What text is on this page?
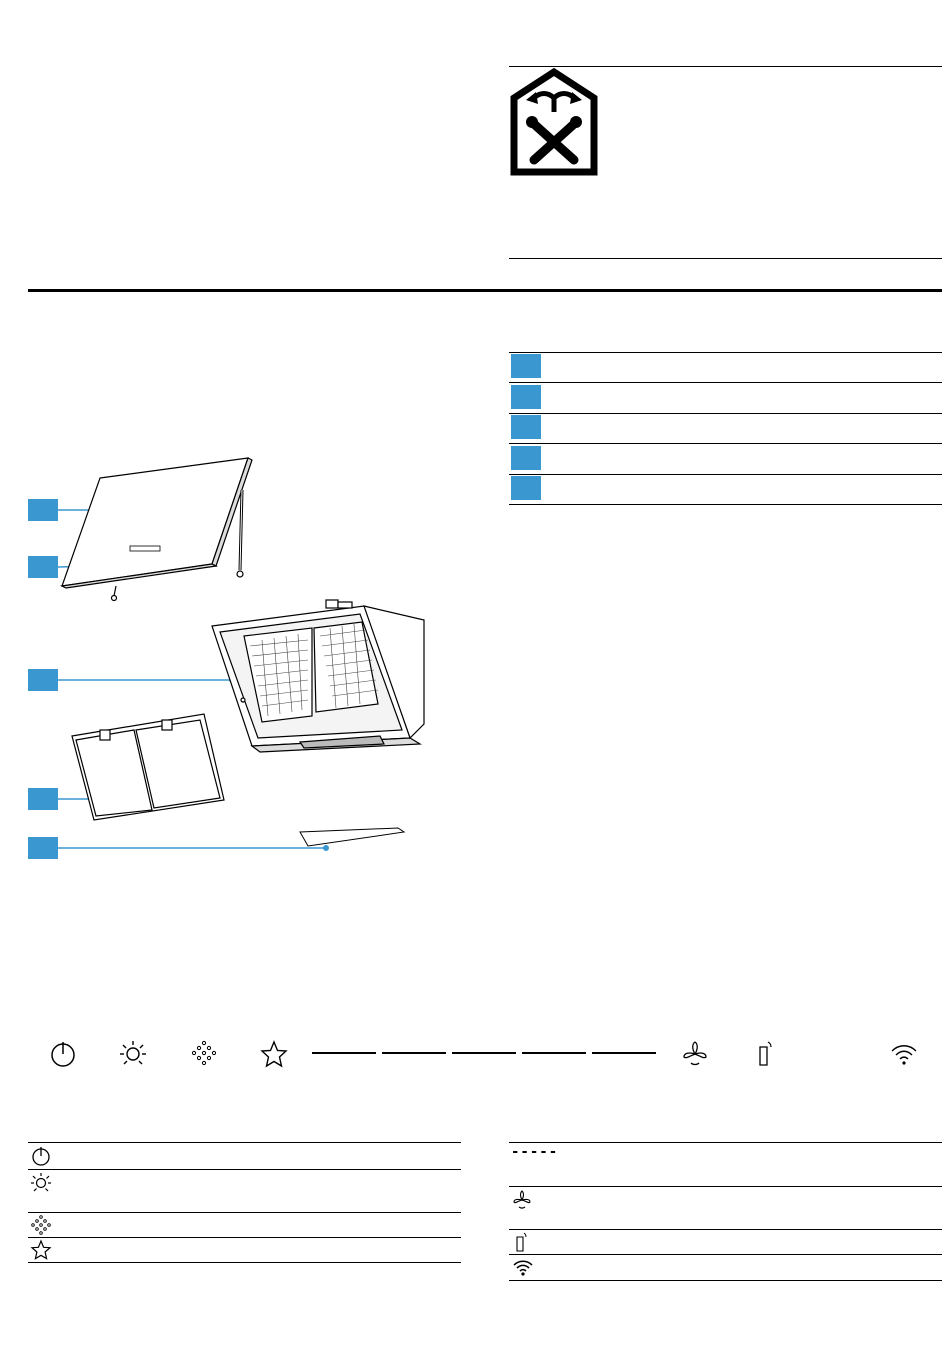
-----
